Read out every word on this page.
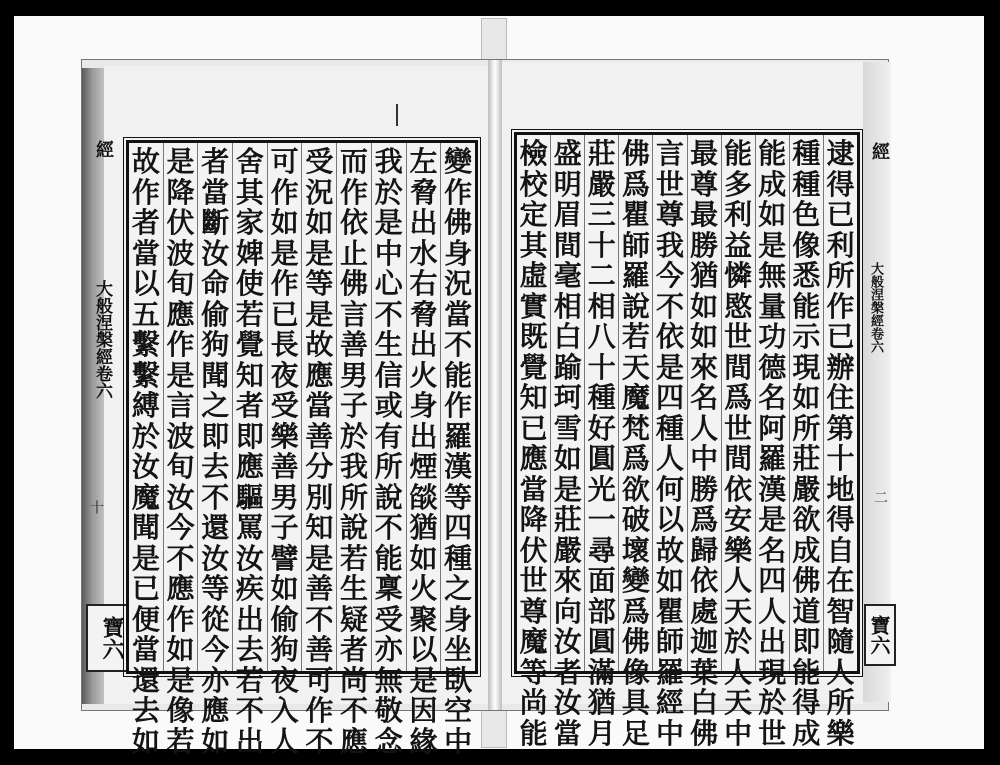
經
大般涅槃經卷六
經
大般涅槃經卷六
十
二
寶六	寶六
逮
得
已
利
所
作
已
辦
住
第
十
地
得
自
在
智
隨
人
所
樂
種
種
色
像
悉
能
示
現
如
所
莊
嚴
欲
成
佛
道
即
能
得
成
能
成
如
是
無
量
功
德
名
阿
羅
漢
是
名
四
人
出
現
於
世
能
多
利
益
憐
愍
世
間
爲
世
間
依
安
樂
人
天
於
人
天
中
最
尊
最
勝
猶
如
如
來
名
人
中
勝
爲
歸
依
處
迦
葉
白
佛
言
世
尊
我
今
不
依
是
四
種
人
何
以
故
如
瞿
師
羅
經
中
佛
爲
瞿
師
羅
說
若
天
魔
梵
爲
欲
破
壞
變
爲
佛
像
具
足
莊
嚴
三
十
二
相
八
十
種
好
圓
光
一
尋
面
部
圓
滿
猶
月
盛
明
眉
間
毫
相
白
踰
珂
雪
如
是
莊
嚴
來
向
汝
者
汝
當
檢
校
定
其
虛
實
既
覺
知
已
應
當
降
伏
世
尊
魔
等
尚
能
變
作
佛
身
況
當
不
能
作
羅
漢
等
四
種
之
身
坐
臥
空
中
左
脅
出
水
右
脅
出
火
身
出
煙
燄
猶
如
火
聚
以
是
因
緣
我
於
是
中
心
不
生
信
或
有
所
說
不
能
稟
受
亦
無
敬
念
而
作
依
止
佛
言
善
男
子
於
我
所
說
若
生
疑
者
尚
不
應
受
況
如
是
等
是
故
應
當
善
分
別
知
是
善
不
善
可
作
不
可
作
如
是
作
已
長
夜
受
樂
善
男
子
譬
如
偷
狗
夜
入
人
舍
其
家
婢
使
若
覺
知
者
即
應
驅
罵
汝
疾
出
去
若
不
出
者
當
斷
汝
命
偷
狗
聞
之
即
去
不
還
汝
等
從
今
亦
應
如
是
降
伏
波
旬
應
作
是
言
波
旬
汝
今
不
應
作
如
是
像
若
故
作
者
當
以
五
繫
繫
縛
於
汝
魔
聞
是
已
便
當
還
去
如
